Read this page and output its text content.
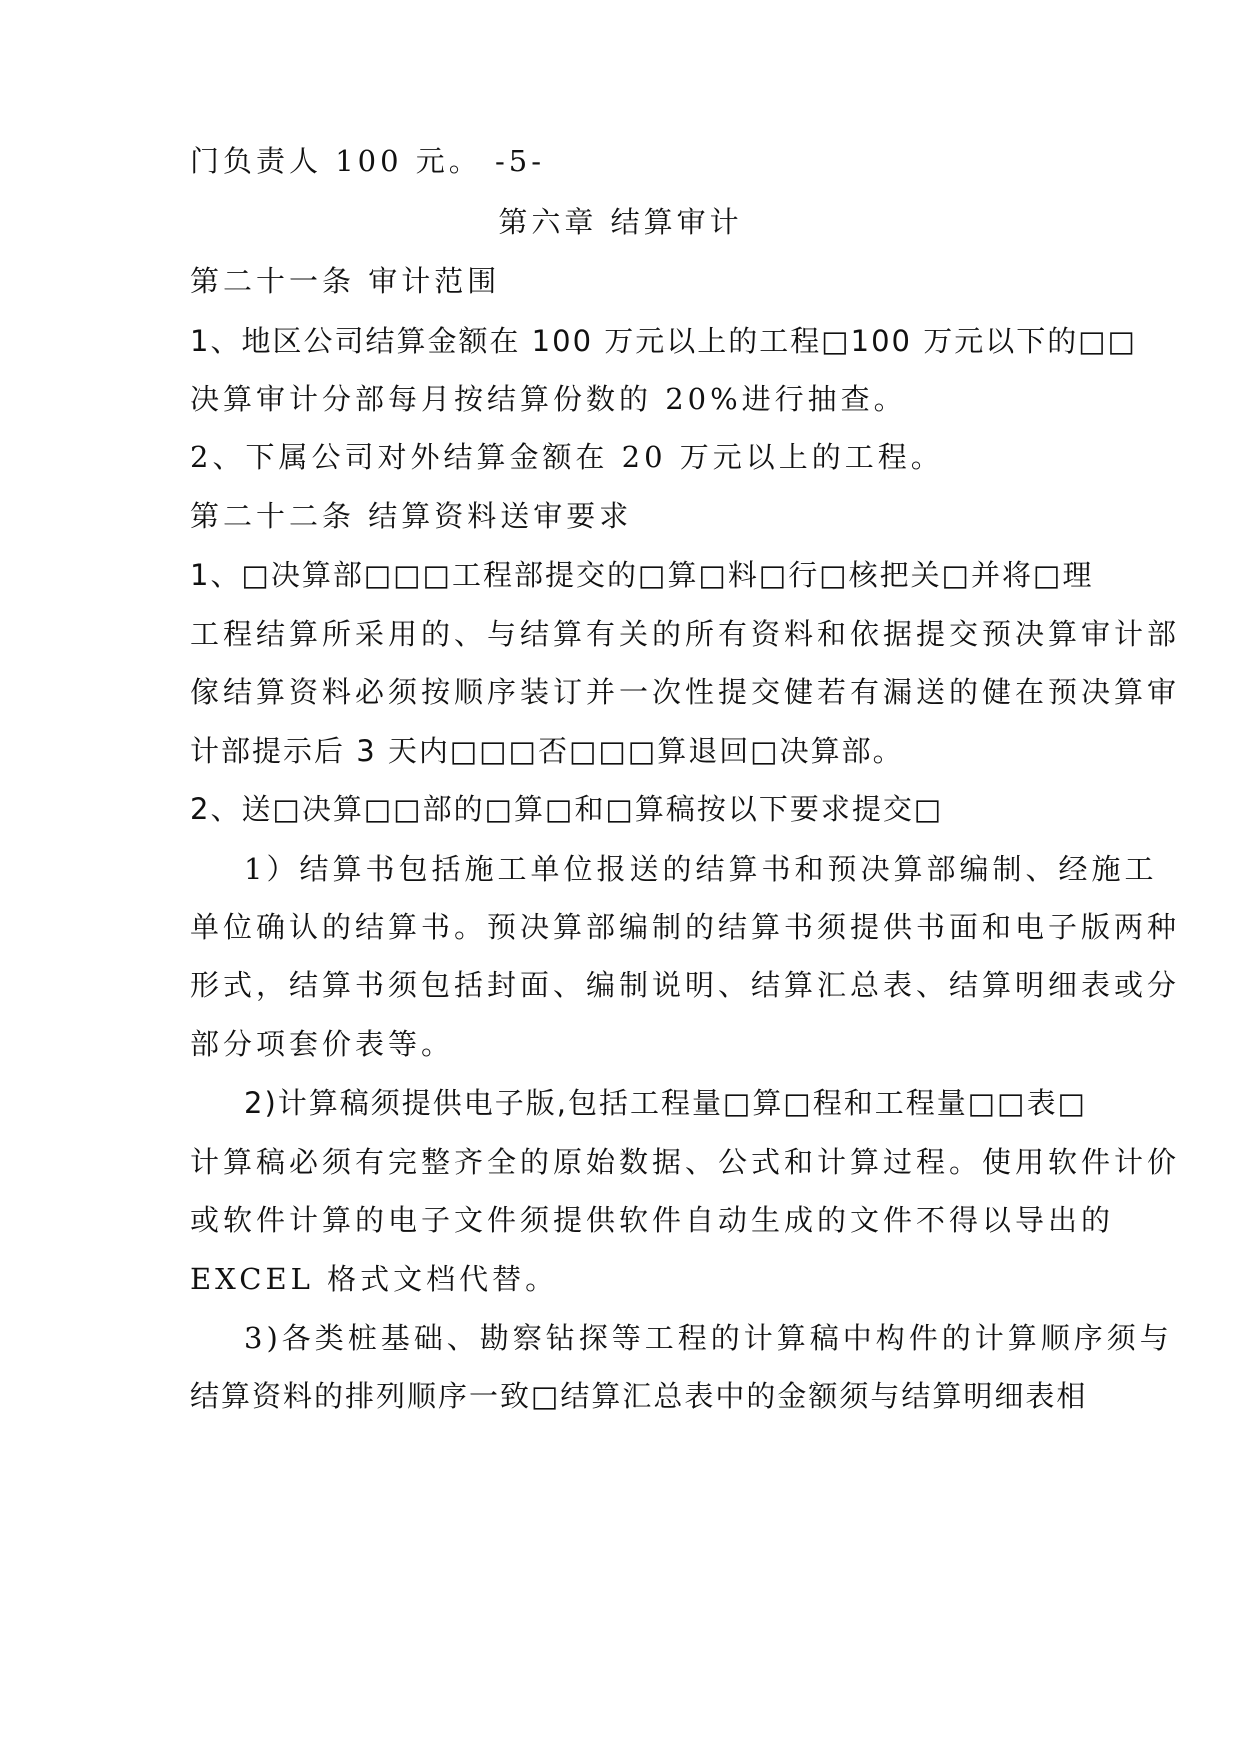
门负责人 100 元。 -5-
第六章 结算审计
第二十一条 审计范围
1、地区公司结算金额在 100 万元以上的工程□100 万元以下的□□
决算审计分部每月按结算份数的 20%进行抽查。
2、下属公司对外结算金额在 20 万元以上的工程。
第二十二条 结算资料送审要求
1、□决算部□□□工程部提交的□算□料□行□核把关□并将□理
工程结算所采用的、与结算有关的所有资料和依据提交预决算审计部
傢结算资料必须按顺序装订并一次性提交健若有漏送的健在预决算审
计部提示后 3 天内□□□否□□□算退回□决算部。
2、送□决算□□部的□算□和□算稿按以下要求提交□
1）结算书包括施工单位报送的结算书和预决算部编制、经施工
单位确认的结算书。预决算部编制的结算书须提供书面和电子版两种
形式，结算书须包括封面、编制说明、结算汇总表、结算明细表或分
部分项套价表等。
2)计算稿须提供电子版,包括工程量□算□程和工程量□□表□
计算稿必须有完整齐全的原始数据、公式和计算过程。使用软件计价
或软件计算的电子文件须提供软件自动生成的文件不得以导出的
EXCEL 格式文档代替。
3)各类桩基础、勘察钻探等工程的计算稿中构件的计算顺序须与
结算资料的排列顺序一致□结算汇总表中的金额须与结算明细表相
